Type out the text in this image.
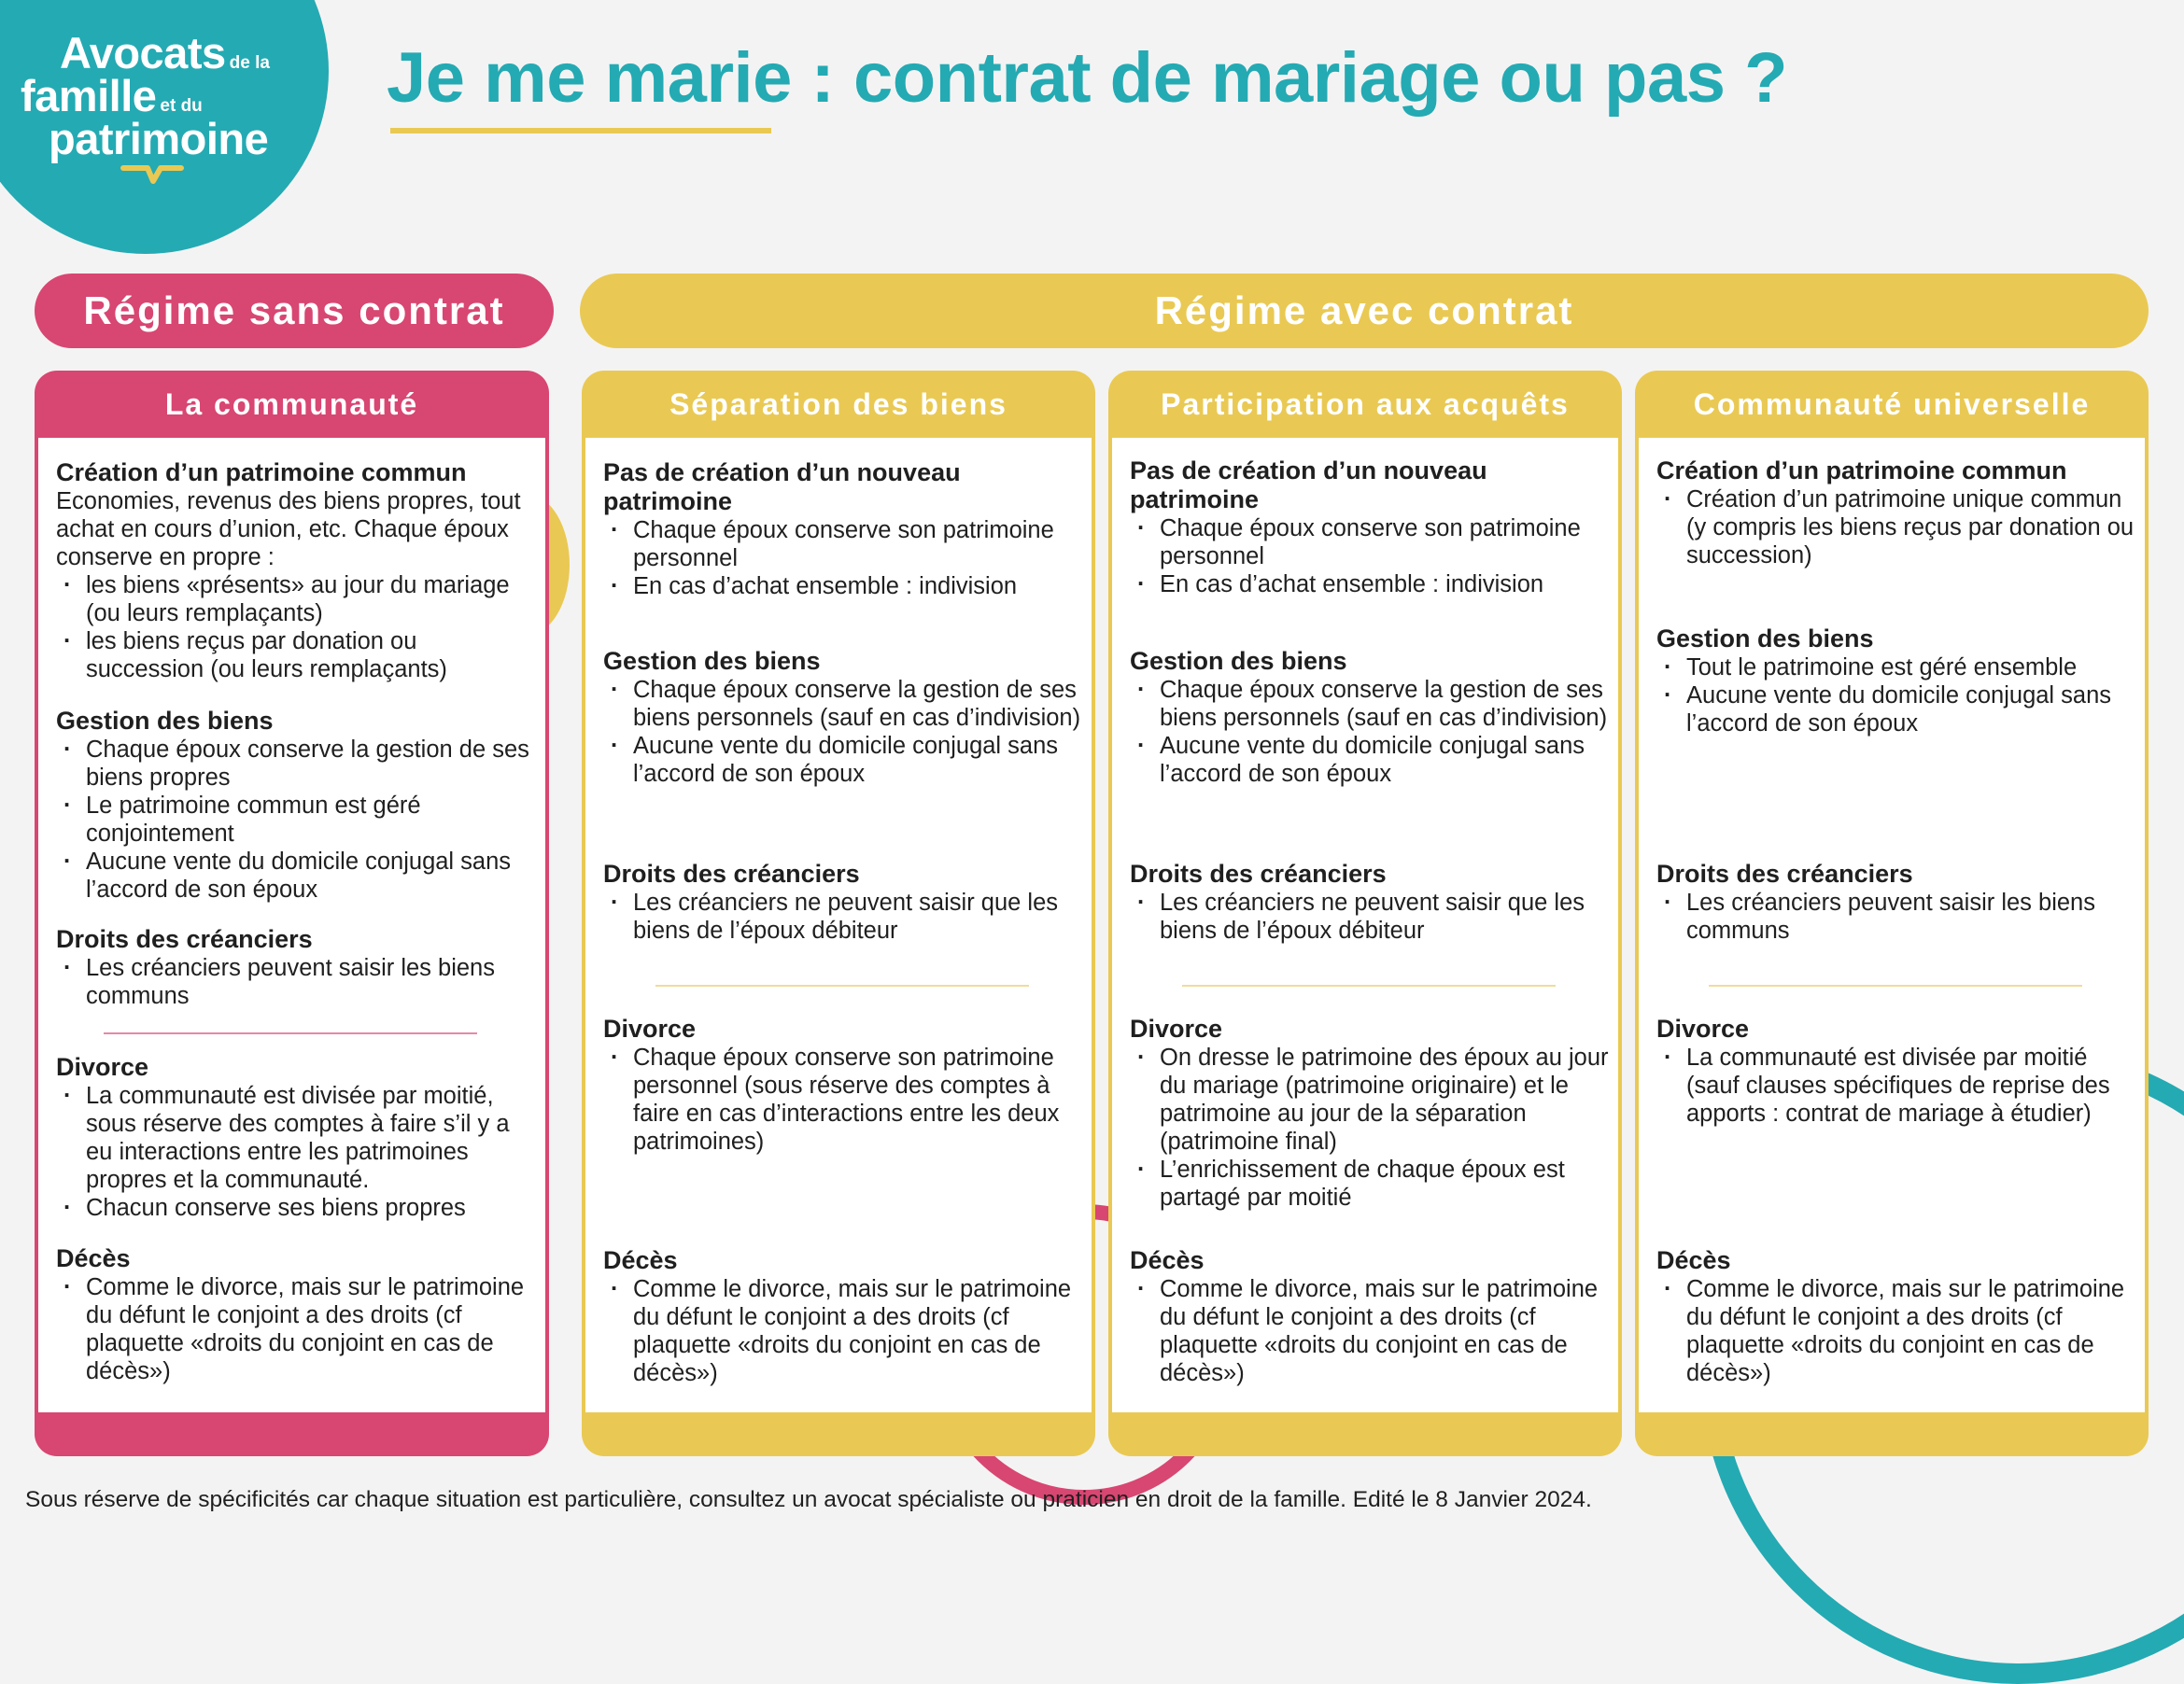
Avocats de la
famille et du
patrimoine
Je me marie : contrat de mariage ou pas ?
Régime sans contrat	Régime avec contrat
La communauté

Création d’un patrimoine commun

Economies, revenus des biens propres, tout achat en cours d’union, etc. Chaque époux conserve en propre :

· les biens «présents» au jour du mariage (ou leurs remplaçants)
· les biens reçus par donation ou succession (ou leurs remplaçants)

Gestion des biens

· Chaque époux conserve la gestion de ses biens propres
· Le patrimoine commun est géré conjointement
· Aucune vente du domicile conjugal sans l’accord de son époux

Droits des créanciers

· Les créanciers peuvent saisir les biens communs

Divorce

· La communauté est divisée par moitié, sous réserve des comptes à faire s’il y a eu interactions entre les patrimoines propres et la communauté.
· Chacun conserve ses biens propres

Décès

· Comme le divorce, mais sur le patrimoine du défunt le conjoint a des droits (cf plaquette «droits du conjoint en cas de décès»)
Séparation des biens

Pas de création d’un nouveau patrimoine

· Chaque époux conserve son patrimoine personnel
· En cas d’achat ensemble : indivision

Gestion des biens

· Chaque époux conserve la gestion de ses biens personnels (sauf en cas d’indivision)
· Aucune vente du domicile conjugal sans l’accord de son époux

Droits des créanciers

· Les créanciers ne peuvent saisir que les biens de l’époux débiteur

Divorce

· Chaque époux conserve son patrimoine personnel (sous réserve des comptes à faire en cas d’interactions entre les deux patrimoines)

Décès

· Comme le divorce, mais sur le patrimoine du défunt le conjoint a des droits (cf plaquette «droits du conjoint en cas de décès»)
Participation aux acquêts

Pas de création d’un nouveau patrimoine

· Chaque époux conserve son patrimoine personnel
· En cas d’achat ensemble : indivision

Gestion des biens

· Chaque époux conserve la gestion de ses biens personnels (sauf en cas d’indivision)
· Aucune vente du domicile conjugal sans l’accord de son époux

Droits des créanciers

· Les créanciers ne peuvent saisir que les biens de l’époux débiteur

Divorce

· On dresse le patrimoine des époux au jour du mariage (patrimoine originaire) et le patrimoine au jour de la séparation (patrimoine final)
· L’enrichissement de chaque époux est partagé par moitié

Décès

· Comme le divorce, mais sur le patrimoine du défunt le conjoint a des droits (cf plaquette «droits du conjoint en cas de décès»)
Communauté universelle

Création d’un patrimoine commun

· Création d’un patrimoine unique commun (y compris les biens reçus par donation ou succession)

Gestion des biens

· Tout le patrimoine est géré ensemble
· Aucune vente du domicile conjugal sans l’accord de son époux

Droits des créanciers

· Les créanciers peuvent saisir les biens communs

Divorce

· La communauté est divisée par moitié (sauf clauses spécifiques de reprise des apports : contrat de mariage à étudier)

Décès

· Comme le divorce, mais sur le patrimoine du défunt le conjoint a des droits (cf plaquette «droits du conjoint en cas de décès»)
Sous réserve de spécificités car chaque situation est particulière, consultez un avocat spécialiste ou praticien en droit de la famille. Edité le 8 Janvier 2024.
